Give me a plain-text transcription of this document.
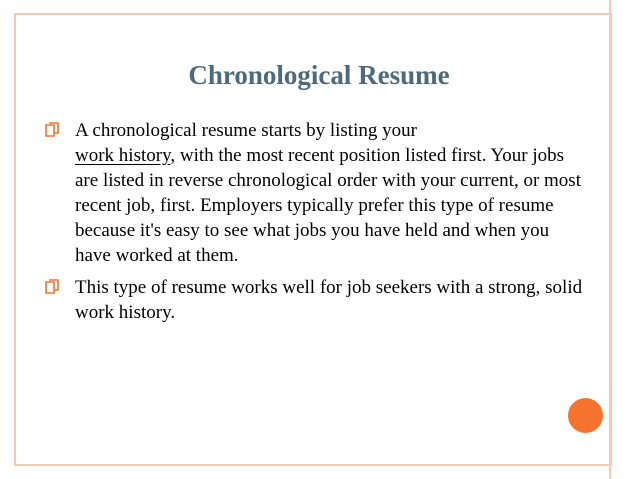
Chronological Resume
A chronological resume starts by listing your
work history, with the most recent position listed first. Your jobs are listed in reverse chronological order with your current, or most recent job, first. Employers typically prefer this type of resume because it's easy to see what jobs you have held and when you have worked at them.
This type of resume works well for job seekers with a strong, solid work history.
